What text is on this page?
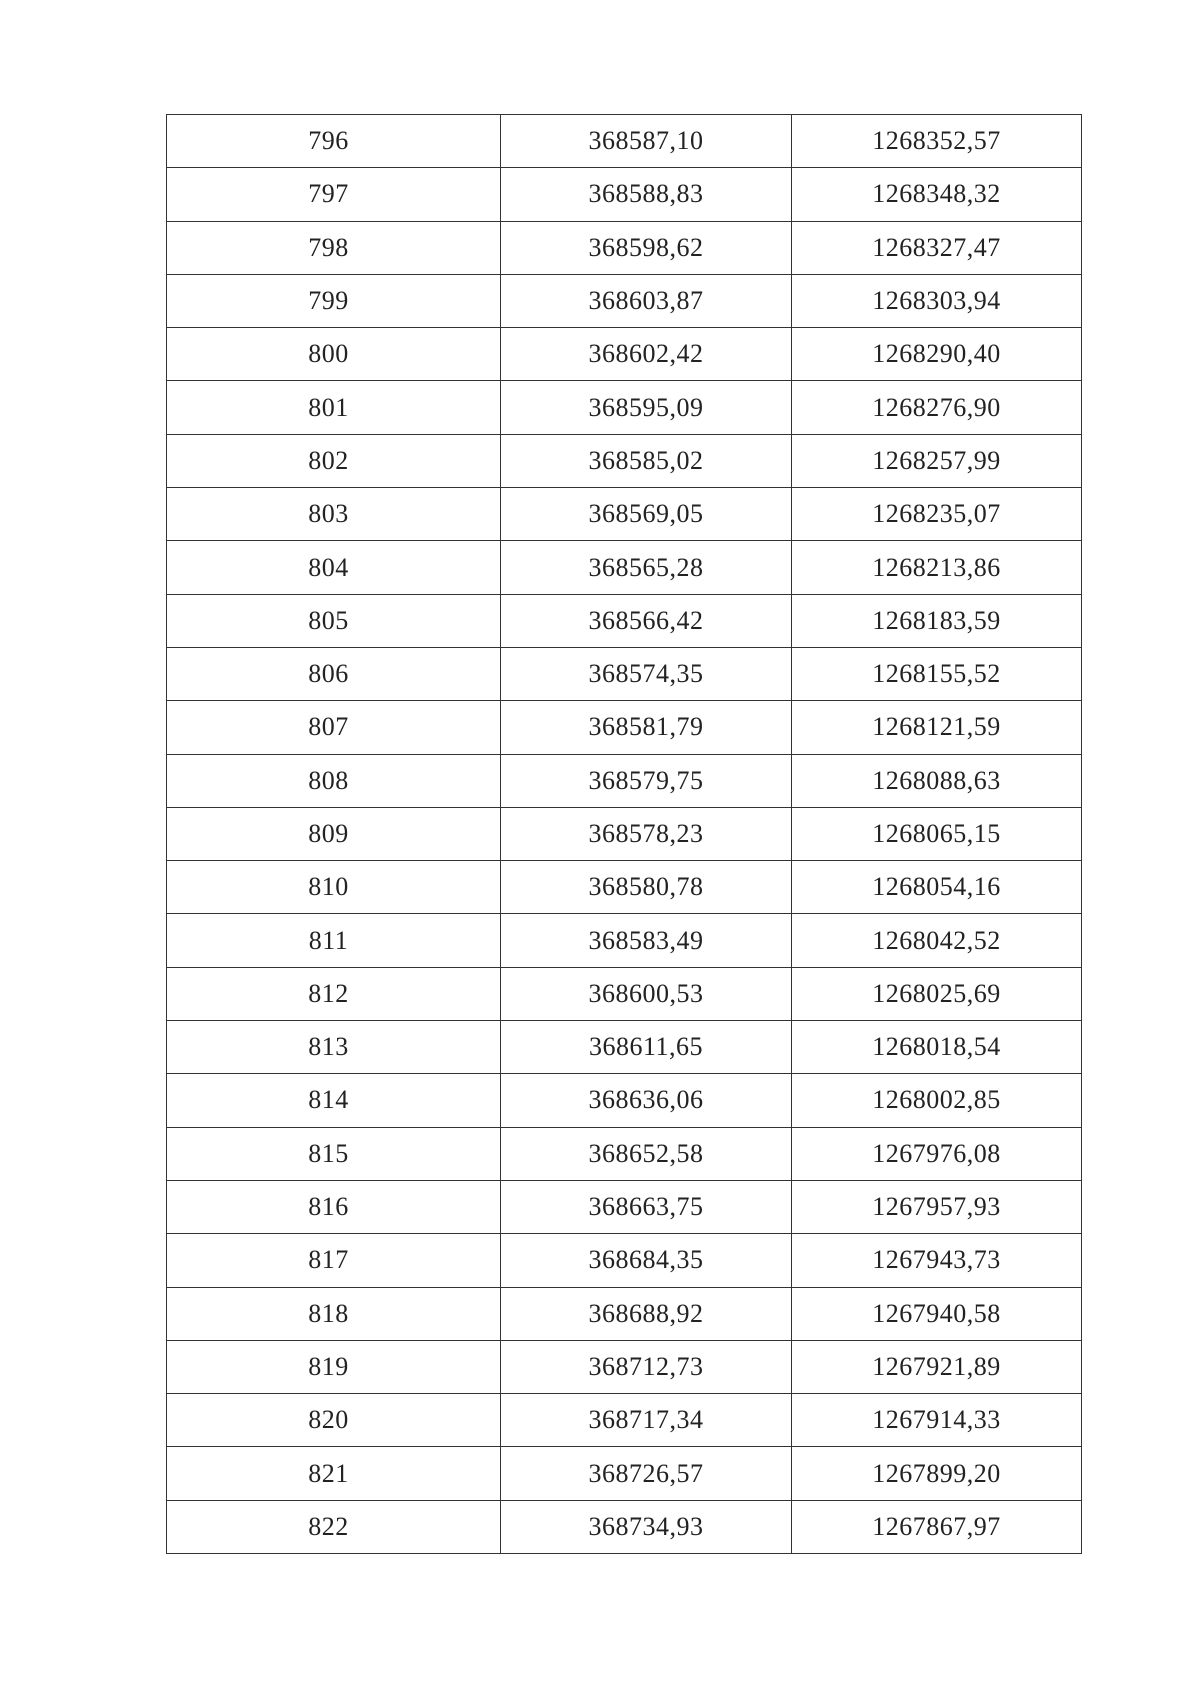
796	368587,10	1268352,57
797	368588,83	1268348,32
798	368598,62	1268327,47
799	368603,87	1268303,94
800	368602,42	1268290,40
801	368595,09	1268276,90
802	368585,02	1268257,99
803	368569,05	1268235,07
804	368565,28	1268213,86
805	368566,42	1268183,59
806	368574,35	1268155,52
807	368581,79	1268121,59
808	368579,75	1268088,63
809	368578,23	1268065,15
810	368580,78	1268054,16
811	368583,49	1268042,52
812	368600,53	1268025,69
813	368611,65	1268018,54
814	368636,06	1268002,85
815	368652,58	1267976,08
816	368663,75	1267957,93
817	368684,35	1267943,73
818	368688,92	1267940,58
819	368712,73	1267921,89
820	368717,34	1267914,33
821	368726,57	1267899,20
822	368734,93	1267867,97
